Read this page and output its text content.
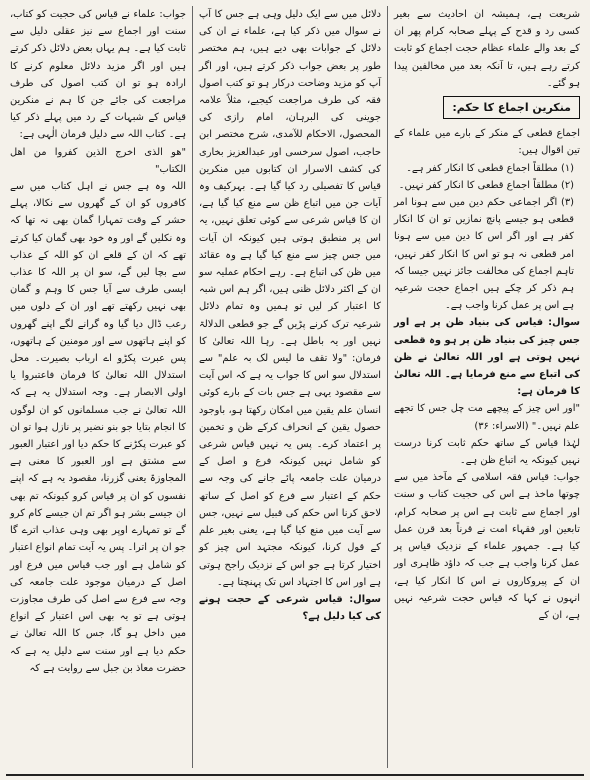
شریعت ہے، ہمیشہ ان احادیث سے بغیر کسی رد و قدح کے پہلے صحابہ کرام پھر ان کے بعد والے علماء عظام حجت اجماع کو ثابت کرتے رہے ہیں، تا آنکہ بعد میں مخالفین پیدا ہو گئے۔

منکرین اجماع کا حکم:

اجماع قطعی کے منکر کے بارے میں علماء کے تین اقوال ہیں:

(۱) مطلقاً اجماع قطعی کا انکار کفر ہے۔

(۲) مطلقاً اجماع قطعی کا انکار کفر نہیں۔

(۳) اگر اجماعی حکم دین میں سے ہونا امر قطعی ہو جیسے پانچ نمازیں تو ان کا انکار کفر ہے اور اگر اس کا دین میں سے ہونا امر قطعی نہ ہو تو اس کا انکار کفر نہیں، تاہم اجماع کی مخالفت جائز نہیں جیسا کہ ہم ذکر کر چکے ہیں اجماع حجت شرعیہ ہے اس پر عمل کرنا واجب ہے۔

سوال: قیاس کی بنیاد ظن پر ہے اور جس چیز کی بنیاد ظن پر ہو وہ قطعی نہیں ہوتی ہے اور اللہ تعالیٰ نے ظن کی اتباع سے منع فرمایا ہے۔ اللہ تعالیٰ کا فرمان ہے:

"اور اس چیز کے پیچھے مت چل جس کا تجھے علم نہیں۔" (الاسراء: ۳۶)

لہٰذا قیاس کے ساتھ حکم ثابت کرنا درست نہیں کیونکہ یہ اتباع ظن ہے۔

جواب: قیاس فقہ اسلامی کے مآخذ میں سے چوتھا ماخذ ہے اس کی حجیت کتاب و سنت اور اجماع سے ثابت ہے اس پر صحابہ کرام، تابعین اور فقہاء امت نے قرناً بعد قرن عمل کیا ہے۔ جمہور علماء کے نزدیک قیاس پر عمل کرنا واجب ہے جب کہ داؤد ظاہری اور ان کے پیروکاروں نے اس کا انکار کیا ہے، انہوں نے کہا کہ قیاس حجت شرعیہ نہیں ہے، ان کے

دلائل میں سے ایک دلیل وہی ہے جس کا آپ نے سوال میں ذکر کیا ہے، علماء نے ان کی دلائل کے جوابات بھی دیے ہیں، ہم مختصر طور پر بعض جواب ذکر کرتے ہیں، اور اگر آپ کو مزید وضاحت درکار ہو تو کتب اصول فقہ کی طرف مراجعت کیجیے، مثلاً علامہ جوینی کی البرہان، امام رازی کی المحصول، الاحکام للآمدی، شرح مختصر ابن حاجب، اصول سرخسی اور عبدالعزیز بخاری کی کشف الاسرار ان کتابوں میں منکرین قیاس کا تفصیلی رد کیا گیا ہے۔ بہرکیف وہ آیات جن میں اتباع ظن سے منع کیا گیا ہے، ان کا قیاس شرعی سے کوئی تعلق نہیں، یہ اس پر منطبق ہوتی ہیں کیونکہ ان آیات میں جس چیز سے منع کیا گیا ہے وہ عقائد میں ظن کی اتباع ہے۔ رہے احکام عملیہ سو ان کے اکثر دلائل ظنی ہیں، اگر ہم اس شبہ کا اعتبار کر لیں تو ہمیں وہ تمام دلائل شرعیہ ترک کرنے پڑیں گے جو قطعی الدلالۃ نہیں اور یہ باطل ہے۔ رہا اللہ تعالیٰ کا فرمان: "ولا تقف ما لیس لک بہ علم" سے استدلال سو اس کا جواب یہ ہے کہ اس آیت سے مقصود یہی ہے جس بات کے بارے کوئی انسان علم یقین میں امکان رکھتا ہو، باوجود حصول یقین کے انحراف کرکے ظن و تخمین پر اعتماد کرے۔ پس یہ نہیں قیاس شرعی کو شامل نہیں کیونکہ فرع و اصل کے درمیان علت جامعہ پائے جانے کی وجہ سے حکم کے اعتبار سے فرع کو اصل کے ساتھ لاحق کرنا اس حکم کی قبیل سے نہیں، جس سے آیت میں منع کیا گیا ہے، یعنی بغیر علم کے قول کرنا، کیونکہ مجتہد اس چیز کو اختیار کرتا ہے جو اس کے نزدیک راجح ہوتی ہے اور اس کا اجتہاد اس تک پہنچتا ہے۔

سوال: قیاس شرعی کے حجت ہونے کی کیا دلیل ہے؟

جواب: علماء نے قیاس کی حجیت کو کتاب، سنت اور اجماع سے نیز عقلی دلیل سے ثابت کیا ہے۔ ہم یہاں بعض دلائل ذکر کرتے ہیں اور اگر مزید دلائل معلوم کرنے کا ارادہ ہو تو ان کتب اصول کی طرف مراجعت کی جائے جن کا ہم نے منکرین قیاس کے شبہات کے رد میں پہلے ذکر کیا ہے۔ کتاب اللہ سے دلیل فرمان الٰہی ہے:

"ھو الذی اخرج الذین کفروا من اھل الکتاب"

اللہ وہ ہے جس نے اہل کتاب میں سے کافروں کو ان کے گھروں سے نکالا، پہلے حشر کے وقت تمہارا گمان بھی نہ تھا کہ وہ نکلیں گے اور وہ خود بھی گمان کیا کرتے تھے کہ ان کے قلعے ان کو اللہ کے عذاب سے بچا لیں گے، سو ان پر اللہ کا عذاب ایسی طرف سے آیا جس کا وہم و گمان بھی نہیں رکھتے تھے اور ان کے دلوں میں رعب ڈال دیا گیا وہ گرانے لگے اپنے گھروں کو اپنے ہاتھوں سے اور مومنین کے ہاتھوں، پس عبرت پکڑو اے ارباب بصیرت۔ محل استدلال اللہ تعالیٰ کا فرمان فاعتبروا یا اولی الابصار ہے۔ وجہ استدلال یہ ہے کہ اللہ تعالیٰ نے جب مسلمانوں کو ان لوگوں کا انجام بتایا جو بنو نضیر پر نازل ہوا تو ان کو عبرت پکڑنے کا حکم دیا اور اعتبار العبور سے مشتق ہے اور العبور کا معنی ہے المجاوزۃ یعنی گزرنا، مقصود یہ ہے کہ اپنے نفسوں کو ان پر قیاس کرو کیونکہ تم بھی ان جیسے بشر ہو اگر تم ان جیسے کام کرو گے تو تمہارے اوپر بھی وہی عذاب اترے گا جو ان پر اترا۔ پس یہ آیت تمام انواع اعتبار کو شامل ہے اور جب قیاس میں فرع اور اصل کے درمیان موجود علت جامعہ کی وجہ سے فرع سے اصل کی طرف مجاوزت ہوتی ہے تو یہ بھی اس اعتبار کے انواع میں داخل ہو گا، جس کا اللہ تعالیٰ نے حکم دیا ہے اور سنت سے دلیل یہ ہے کہ حضرت معاذ بن جبل سے روایت ہے کہ
